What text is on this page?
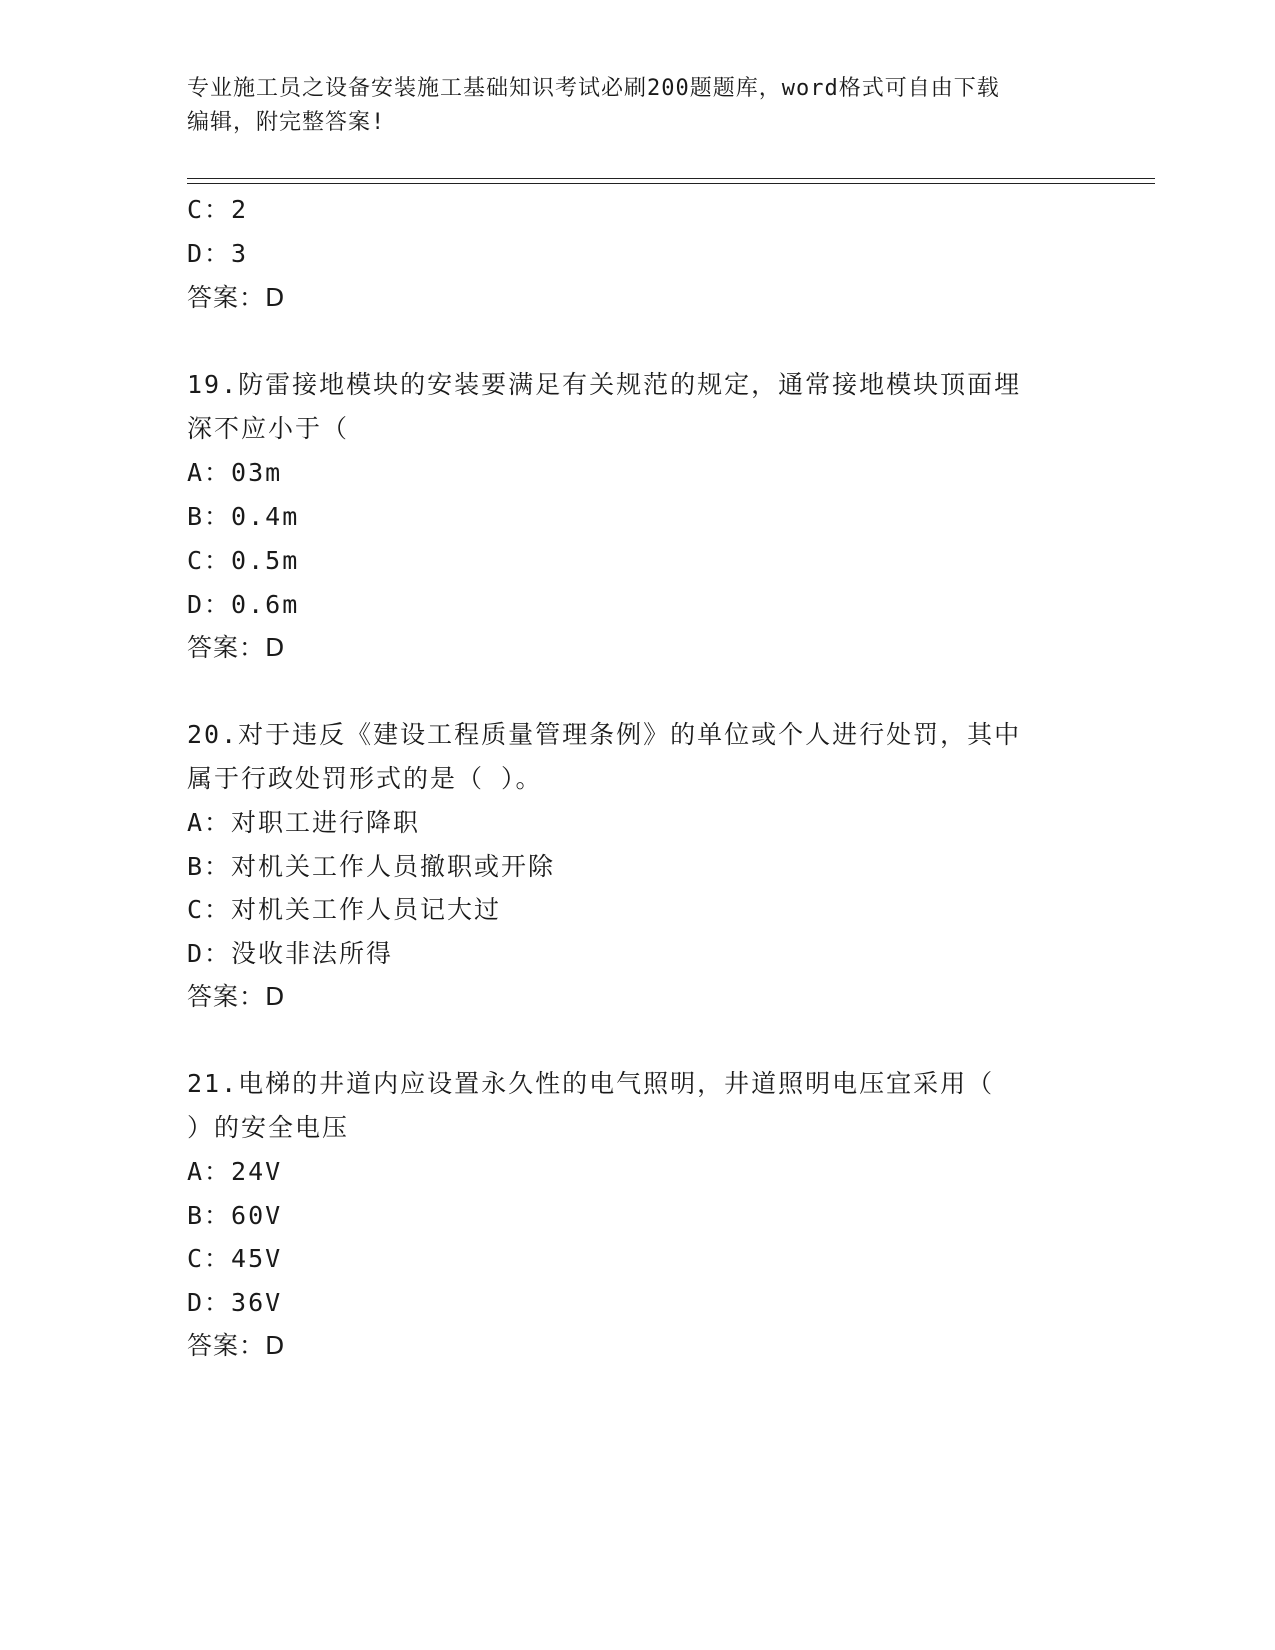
专业施工员之设备安装施工基础知识考试必刷200题题库，word格式可自由下载
编辑，附完整答案!
C：2
D：3
答案：D
19.防雷接地模块的安装要满足有关规范的规定，通常接地模块顶面埋
深不应小于（
A：03m
B：0.4m
C：0.5m
D：0.6m
答案：D
20.对于违反《建设工程质量管理条例》的单位或个人进行处罚，其中
属于行政处罚形式的是（ ）。
A：对职工进行降职
B：对机关工作人员撤职或开除
C：对机关工作人员记大过
D：没收非法所得
答案：D
21.电梯的井道内应设置永久性的电气照明，井道照明电压宜采用（
）的安全电压
A：24V
B：60V
C：45V
D：36V
答案：D
